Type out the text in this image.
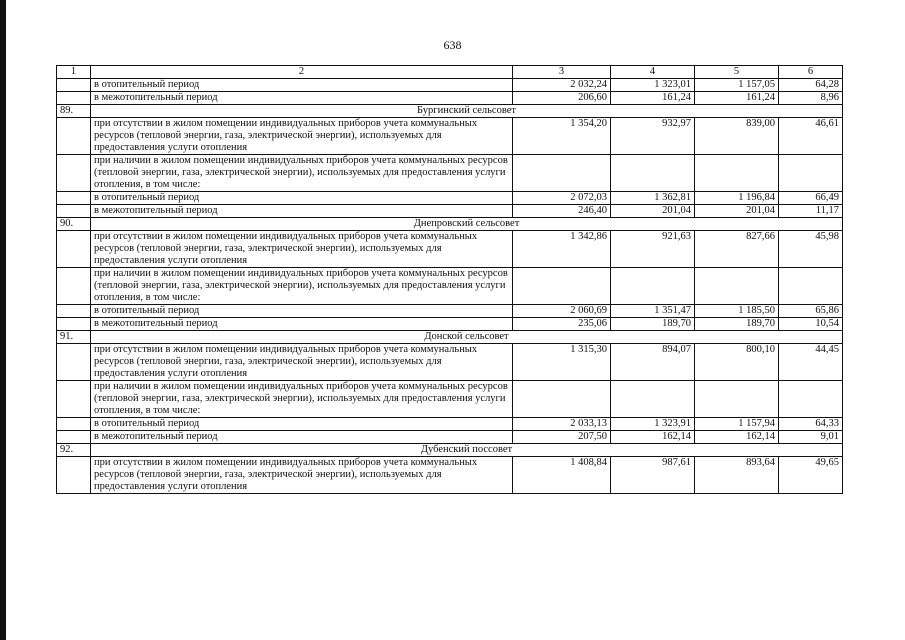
638
1	2	3	4	5	6
	в отопительный период	2 032,24	1 323,01	1 157,05	64,28
	в межотопительный период	206,60	161,24	161,24	8,96
89.	Бургинский сельсовет				
	при отсутствии в жилом помещении индивидуальных приборов учета коммунальных ресурсов (тепловой энергии, газа, электрической энергии), используемых для предоставления услуги отопления	1 354,20	932,97	839,00	46,61
	при наличии в жилом помещении индивидуальных приборов учета коммунальных ресурсов (тепловой энергии, газа, электрической энергии), используемых для предоставления услуги отопления, в том числе:				
	в отопительный период	2 072,03	1 362,81	1 196,84	66,49
	в межотопительный период	246,40	201,04	201,04	11,17
90.	Днепровский сельсовет				
	при отсутствии в жилом помещении индивидуальных приборов учета коммунальных ресурсов (тепловой энергии, газа, электрической энергии), используемых для предоставления услуги отопления	1 342,86	921,63	827,66	45,98
	при наличии в жилом помещении индивидуальных приборов учета коммунальных ресурсов (тепловой энергии, газа, электрической энергии), используемых для предоставления услуги отопления, в том числе:				
	в отопительный период	2 060,69	1 351,47	1 185,50	65,86
	в межотопительный период	235,06	189,70	189,70	10,54
91.	Донской сельсовет				
	при отсутствии в жилом помещении индивидуальных приборов учета коммунальных ресурсов (тепловой энергии, газа, электрической энергии), используемых для предоставления услуги отопления	1 315,30	894,07	800,10	44,45
	при наличии в жилом помещении индивидуальных приборов учета коммунальных ресурсов (тепловой энергии, газа, электрической энергии), используемых для предоставления услуги отопления, в том числе:				
	в отопительный период	2 033,13	1 323,91	1 157,94	64,33
	в межотопительный период	207,50	162,14	162,14	9,01
92.	Дубенский поссовет				
	при отсутствии в жилом помещении индивидуальных приборов учета коммунальных ресурсов (тепловой энергии, газа, электрической энергии), используемых для предоставления услуги отопления	1 408,84	987,61	893,64	49,65
